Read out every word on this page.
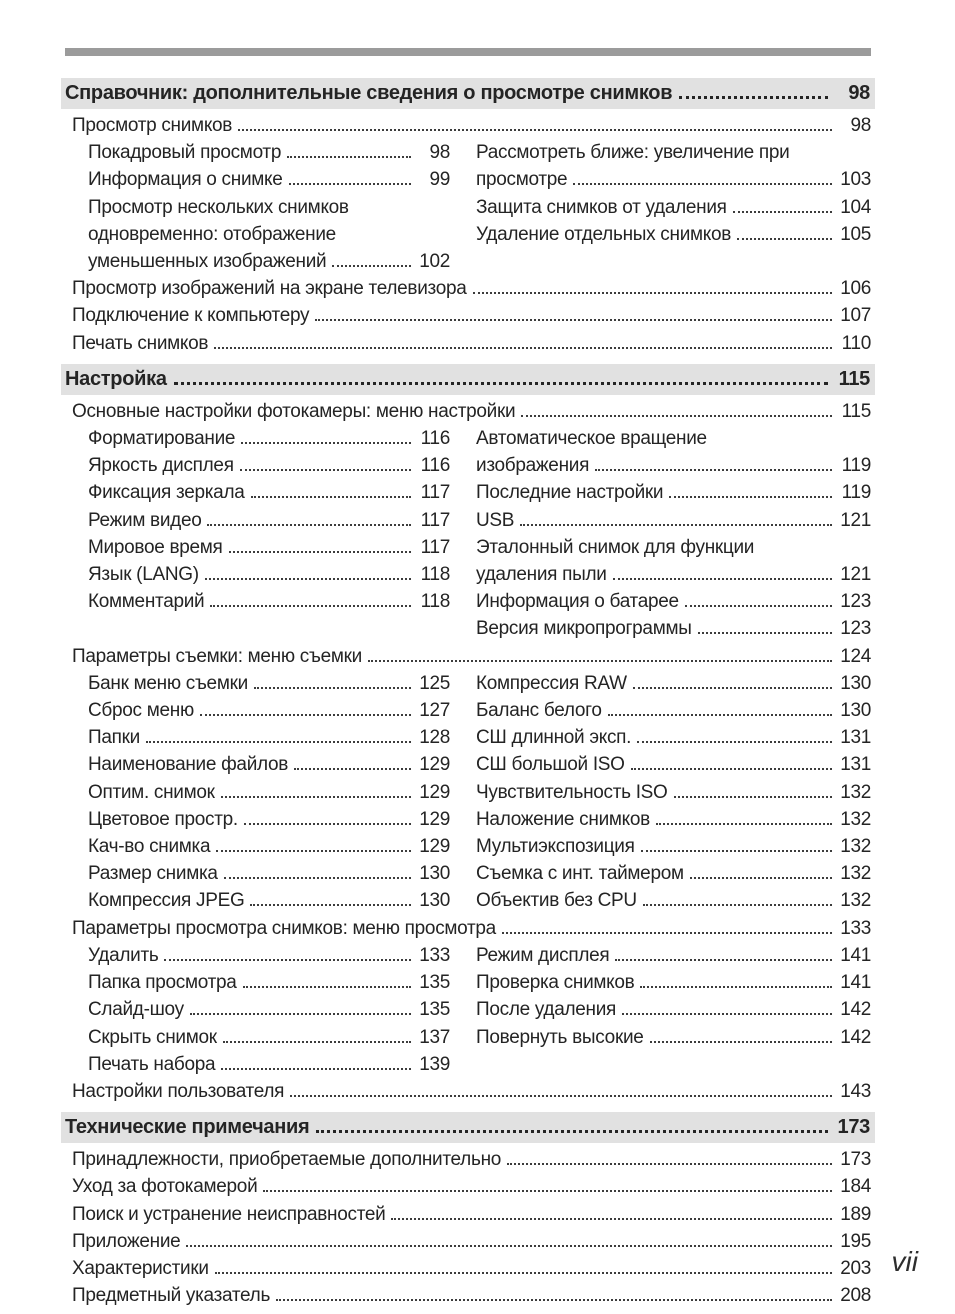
Справочник: дополнительные сведения о просмотре снимков	98
Просмотр снимков	98
Покадровый просмотр	98
Информация о снимке	99
Просмотр нескольких снимков
одновременно: отображение
уменьшенных изображений	102
Рассмотреть ближе: увеличение при
просмотре	103
Защита снимков от удаления	104
Удаление отдельных снимков	105
Просмотр изображений на экране телевизора	106
Подключение к компьютеру	107
Печать снимков	110
Настройка	115
Основные настройки фотокамеры: меню настройки	115
Форматирование	116
Яркость дисплея	116
Фиксация зеркала	117
Режим видео	117
Мировое время	117
Язык (LANG)	118
Комментарий	118
Автоматическое вращение
изображения	119
Последние настройки	119
USB	121
Эталонный снимок для функции
удаления пыли	121
Информация о батарее	123
Версия микропрограммы	123
Параметры съемки: меню съемки	124
Банк меню съемки	125
Сброс меню	127
Папки	128
Наименование файлов	129
Оптим. снимок	129
Цветовое простр.	129
Кач-во снимка	129
Размер снимка	130
Компрессия JPEG	130
Компрессия RAW	130
Баланс белого	130
СШ длинной эксп.	131
СШ большой ISO	131
Чувствительность ISO	132
Наложение снимков	132
Мультиэкспозиция	132
Съемка с инт. таймером	132
Объектив без CPU	132
Параметры просмотра снимков: меню просмотра	133
Удалить	133
Папка просмотра	135
Слайд-шоу	135
Скрыть снимок	137
Печать набора	139
Режим дисплея	141
Проверка снимков	141
После удаления	142
Повернуть высокие	142
Настройки пользователя	143
Технические примечания	173
Принадлежности, приобретаемые дополнительно	173
Уход за фотокамерой	184
Поиск и устранение неисправностей	189
Приложение	195
Характеристики	203
Предметный указатель	208
vii
